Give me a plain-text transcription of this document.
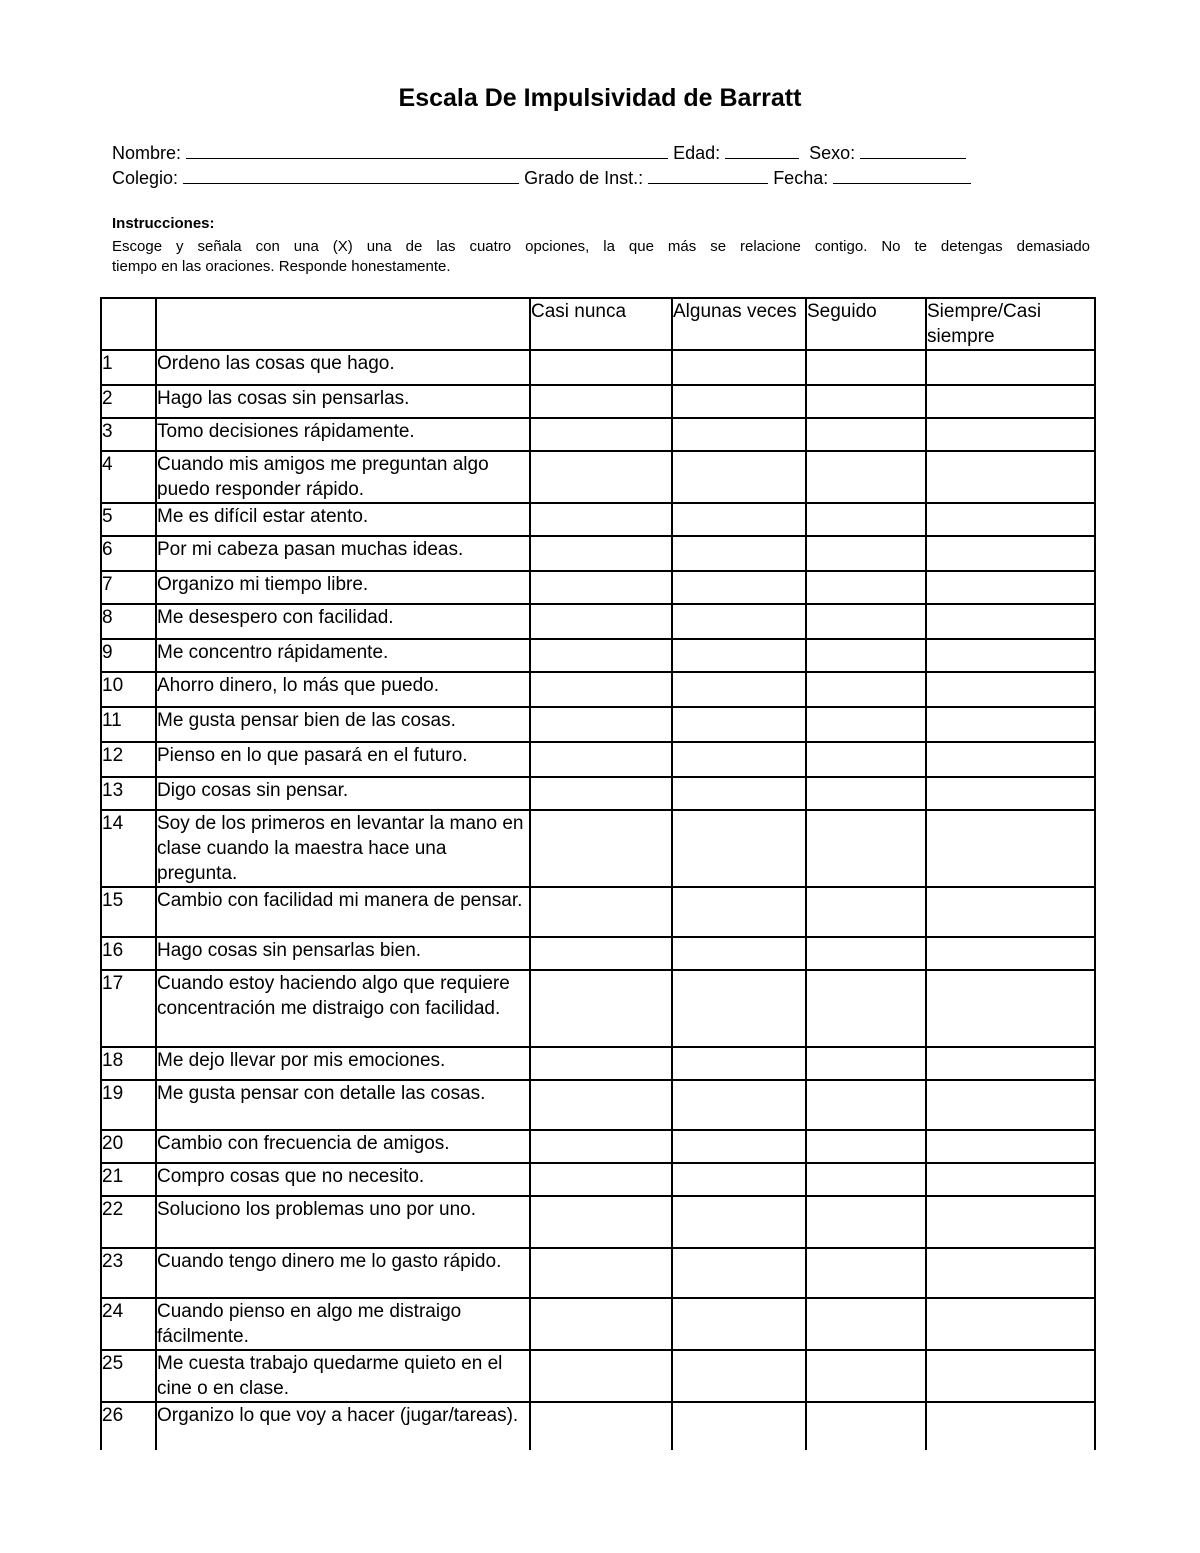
Escala De Impulsividad de Barratt
Nombre:	Edad:	Sexo:
Colegio:	Grado de Inst.:	Fecha:
Instrucciones:
Escoge y señala con una (X) una de las cuatro opciones, la que más se relacione contigo. No te detengas demasiado
tiempo en las oraciones. Responde honestamente.
		Casi nunca	Algunas veces	Seguido	Siempre/Casi siempre
1	Ordeno las cosas que hago.				
2	Hago las cosas sin pensarlas.				
3	Tomo decisiones rápidamente.				
4	Cuando mis amigos me preguntan algo puedo responder rápido.				
5	Me es difícil estar atento.				
6	Por mi cabeza pasan muchas ideas.				
7	Organizo mi tiempo libre.				
8	Me desespero con facilidad.				
9	Me concentro rápidamente.				
10	Ahorro dinero, lo más que puedo.				
11	Me gusta pensar bien de las cosas.				
12	Pienso en lo que pasará en el futuro.				
13	Digo cosas sin pensar.				
14	Soy de los primeros en levantar la mano en clase cuando la maestra hace una pregunta.				
15	Cambio con facilidad mi manera de pensar.				
16	Hago cosas sin pensarlas bien.				
17	Cuando estoy haciendo algo que requiere concentración me distraigo con facilidad.				
18	Me dejo llevar por mis emociones.				
19	Me gusta pensar con detalle las cosas.				
20	Cambio con frecuencia de amigos.				
21	Compro cosas que no necesito.				
22	Soluciono los problemas uno por uno.				
23	Cuando tengo dinero me lo gasto rápido.				
24	Cuando pienso en algo me distraigo fácilmente.				
25	Me cuesta trabajo quedarme quieto en el cine o en clase.				
26	Organizo lo que voy a hacer (jugar/tareas).				
